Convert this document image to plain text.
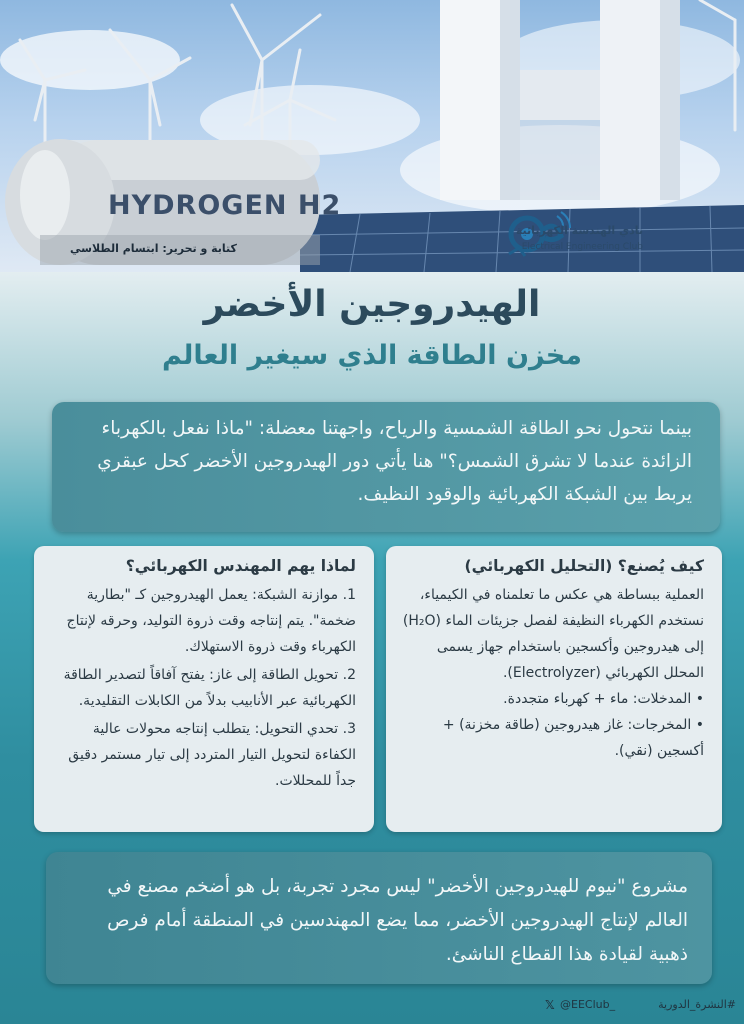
HYDROGEN H2
كتابة و تحرير: ابتسام الطلاسي
نادي الهندسة الكهربائية
Electrical Engineering Club
الهيدروجين الأخضر
مخزن الطاقة الذي سيغير العالم

بينما نتحول نحو الطاقة الشمسية والرياح، واجهتنا معضلة: "ماذا نفعل بالكهرباء الزائدة عندما لا تشرق الشمس؟" هنا يأتي دور الهيدروجين الأخضر كحل عبقري يربط بين الشبكة الكهربائية والوقود النظيف.

كيف يُصنع؟ (التحليل الكهربائي)

العملية ببساطة هي عكس ما تعلمناه في الكيمياء، نستخدم الكهرباء النظيفة لفصل جزيئات الماء (H₂O) إلى هيدروجين وأكسجين باستخدام جهاز يسمى المحلل الكهربائي (Electrolyzer).

• المدخلات: ماء + كهرباء متجددة.
• المخرجات: غاز هيدروجين (طاقة مخزنة) + أكسجين (نقي).
لماذا يهم المهندس الكهربائي؟

1. موازنة الشبكة: يعمل الهيدروجين كـ "بطارية ضخمة". يتم إنتاجه وقت ذروة التوليد، وحرقه لإنتاج الكهرباء وقت ذروة الاستهلاك.

2. تحويل الطاقة إلى غاز: يفتح آفاقاً لتصدير الطاقة الكهربائية عبر الأنابيب بدلاً من الكابلات التقليدية.

3. تحدي التحويل: يتطلب إنتاجه محولات عالية الكفاءة لتحويل التيار المتردد إلى تيار مستمر دقيق جداً للمحللات.

مشروع "نيوم للهيدروجين الأخضر" ليس مجرد تجربة، بل هو أضخم مصنع في العالم لإنتاج الهيدروجين الأخضر، مما يضع المهندسين في المنطقة أمام فرص ذهبية لقيادة هذا القطاع الناشئ.

#النشرة_الدورية
𝕏 @EEClub_
